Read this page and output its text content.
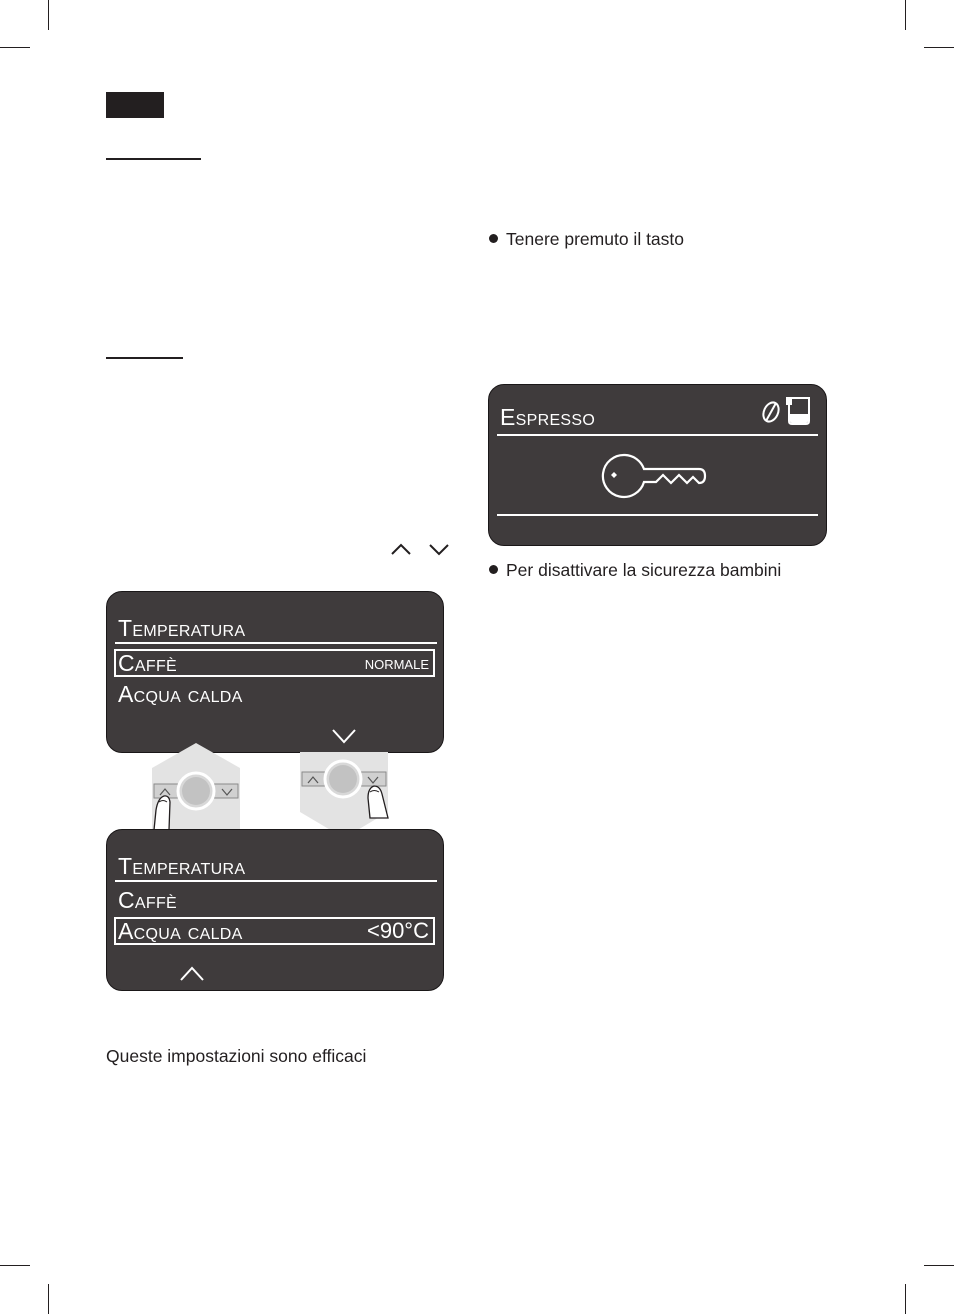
Tenere premuto il tasto
Per disattivare la sicurezza bambini
Espresso
Temperatura
Caffè	normale
Acqua calda
Temperatura
Caffè
Acqua calda	<90°C
Queste impostazioni sono efficaci
